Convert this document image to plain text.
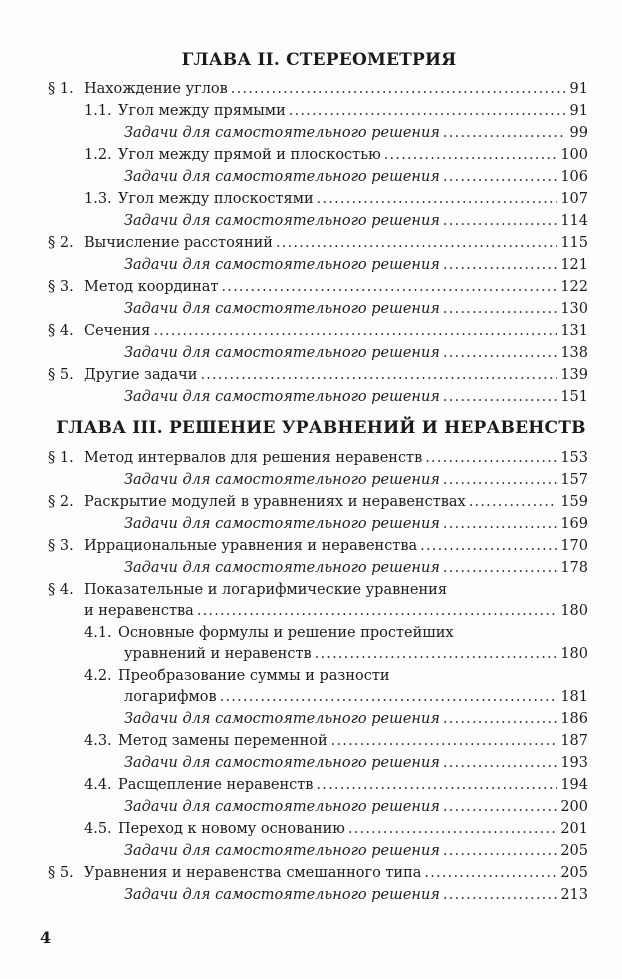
ГЛАВА II. СТЕРЕОМЕТРИЯ
§ 1. Нахождение углов .....	91
1.1. Угол между прямыми .....	91
Задачи для самостоятельного решения .....	99
1.2. Угол между прямой и плоскостью .....	100
Задачи для самостоятельного решения .....	106
1.3. Угол между плоскостями .....	107
Задачи для самостоятельного решения .....	114
§ 2. Вычисление расстояний .....	115
Задачи для самостоятельного решения .....	121
§ 3. Метод координат .....	122
Задачи для самостоятельного решения .....	130
§ 4. Сечения .....	131
Задачи для самостоятельного решения .....	138
§ 5. Другие задачи .....	139
Задачи для самостоятельного решения .....	151
ГЛАВА III. РЕШЕНИЕ УРАВНЕНИЙ И НЕРАВЕНСТВ
§ 1. Метод интервалов для решения неравенств .....	153
Задачи для самостоятельного решения .....	157
§ 2. Раскрытие модулей в уравнениях и неравенствах .....	159
Задачи для самостоятельного решения .....	169
§ 3. Иррациональные уравнения и неравенства .....	170
Задачи для самостоятельного решения .....	178
§ 4. Показательные и логарифмические уравнения
и неравенства .....	180
4.1. Основные формулы и решение простейших
уравнений и неравенств .....	180
4.2. Преобразование суммы и разности
логарифмов .....	181
Задачи для самостоятельного решения .....	186
4.3. Метод замены переменной .....	187
Задачи для самостоятельного решения .....	193
4.4. Расщепление неравенств .....	194
Задачи для самостоятельного решения .....	200
4.5. Переход к новому основанию .....	201
Задачи для самостоятельного решения .....	205
§ 5. Уравнения и неравенства смешанного типа .....	205
Задачи для самостоятельного решения .....	213
4
